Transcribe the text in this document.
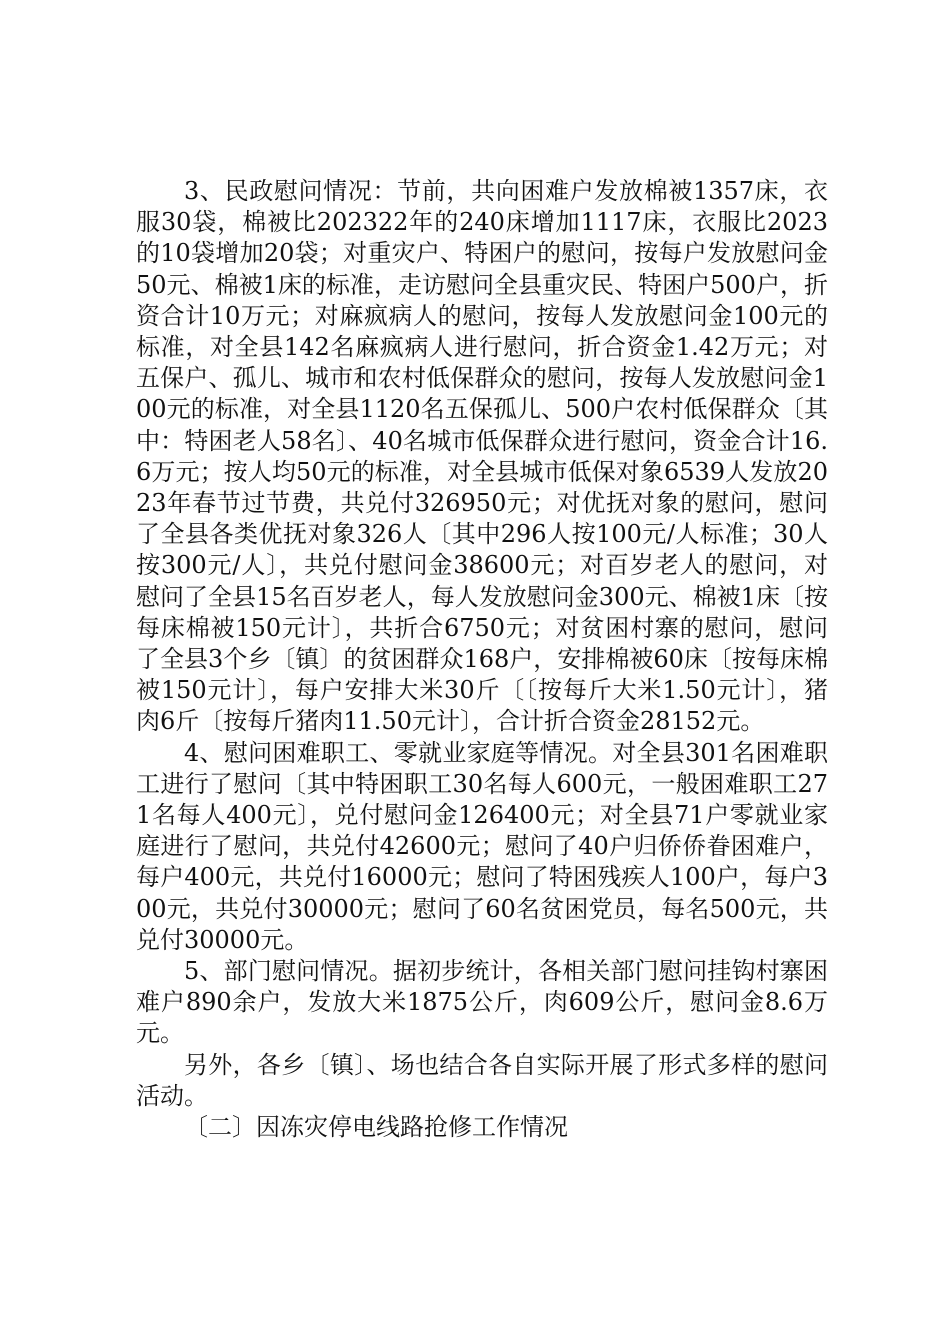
3、民政慰问情况：节前，共向困难户发放棉被1357床，衣服30袋，棉被比202322年的240床增加1117床，衣服比2023的10袋增加20袋；对重灾户、特困户的慰问，按每户发放慰问金50元、棉被1床的标准，走访慰问全县重灾民、特困户500户，折资合计10万元；对麻疯病人的慰问，按每人发放慰问金100元的标准，对全县142名麻疯病人进行慰问，折合资金1.42万元；对五保户、孤儿、城市和农村低保群众的慰问，按每人发放慰问金100元的标准，对全县1120名五保孤儿、500户农村低保群众〔其中：特困老人58名〕、40名城市低保群众进行慰问，资金合计16.6万元；按人均50元的标准，对全县城市低保对象6539人发放2023年春节过节费，共兑付326950元；对优抚对象的慰问，慰问了全县各类优抚对象326人〔其中296人按100元/人标准；30人按300元/人〕，共兑付慰问金38600元；对百岁老人的慰问，对慰问了全县15名百岁老人，每人发放慰问金300元、棉被1床〔按每床棉被150元计〕，共折合6750元；对贫困村寨的慰问，慰问了全县3个乡〔镇〕的贫困群众168户，安排棉被60床〔按每床棉被150元计〕，每户安排大米30斤〔〔按每斤大米1.50元计〕，猪肉6斤〔按每斤猪肉11.50元计〕，合计折合资金28152元。

4、慰问困难职工、零就业家庭等情况。对全县301名困难职工进行了慰问〔其中特困职工30名每人600元，一般困难职工271名每人400元〕，兑付慰问金126400元；对全县71户零就业家庭进行了慰问，共兑付42600元；慰问了40户归侨侨眷困难户，每户400元，共兑付16000元；慰问了特困残疾人100户，每户300元，共兑付30000元；慰问了60名贫困党员，每名500元，共兑付30000元。

5、部门慰问情况。据初步统计，各相关部门慰问挂钩村寨困难户890余户，发放大米1875公斤，肉609公斤，慰问金8.6万元。

另外，各乡〔镇〕、场也结合各自实际开展了形式多样的慰问活动。

〔二〕因冻灾停电线路抢修工作情况
